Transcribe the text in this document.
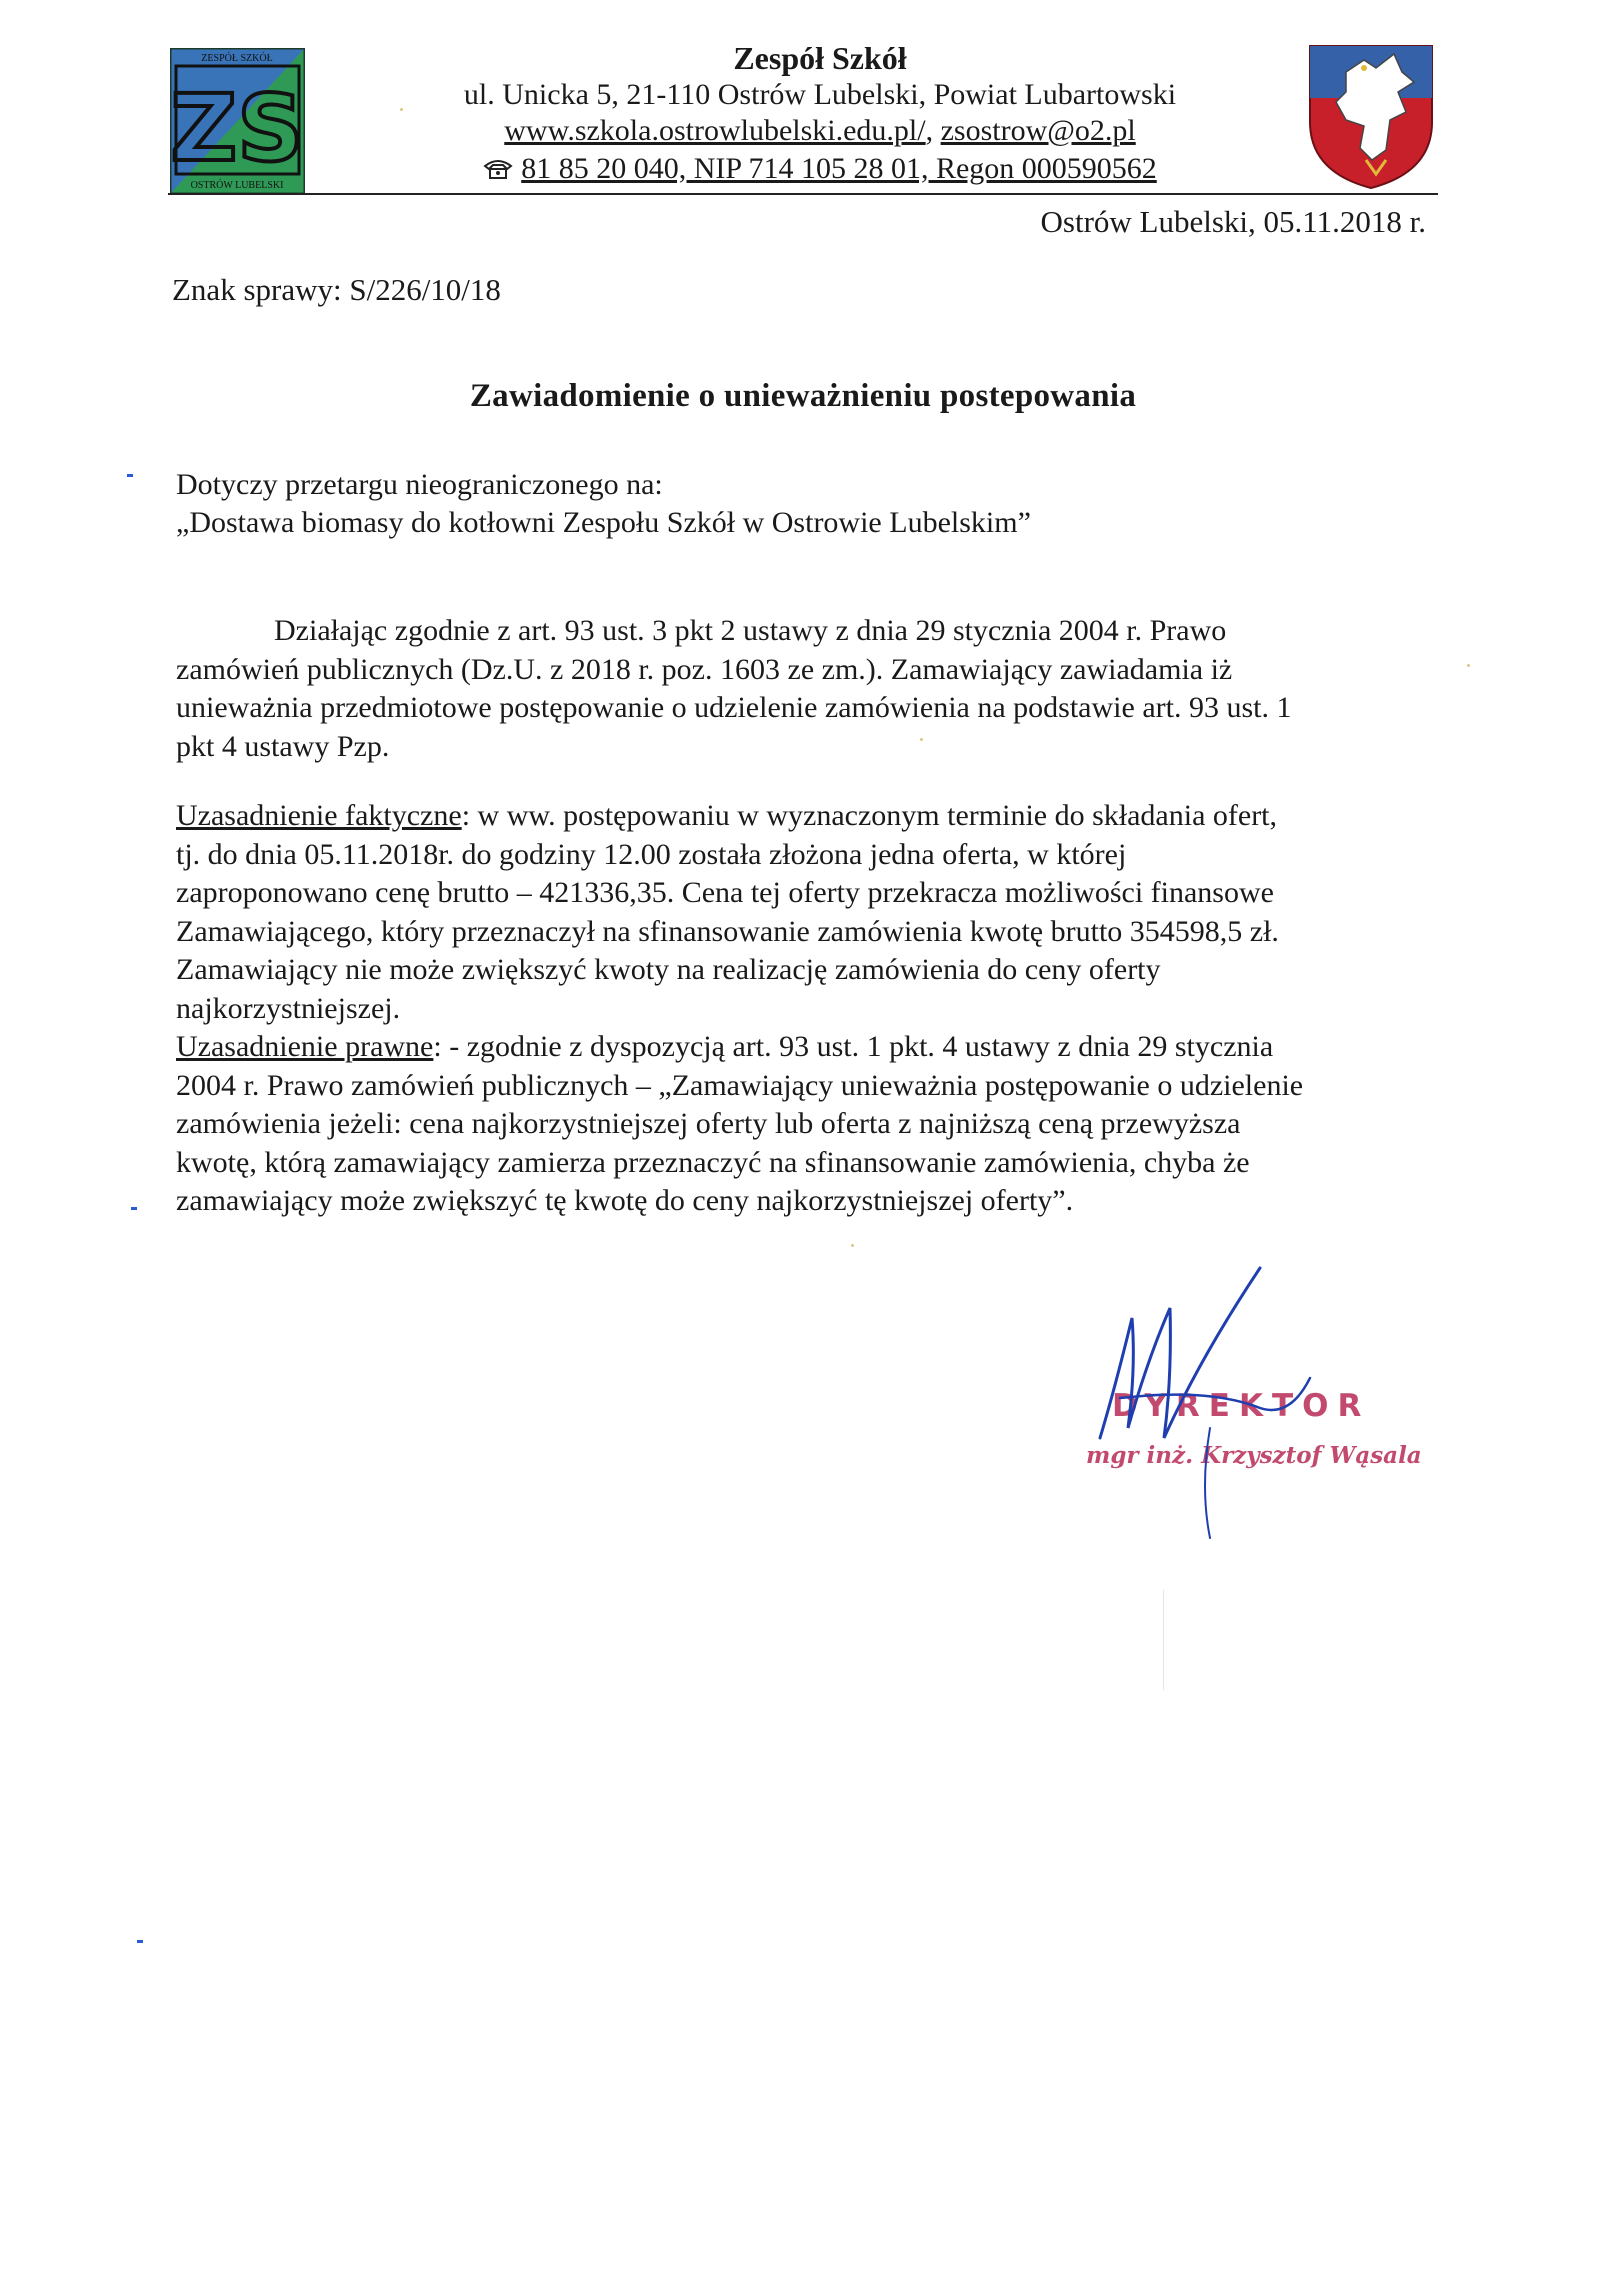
ZESPÓŁ SZKÓŁ
ZS
OSTRÓW LUBELSKI
Zespół Szkół
ul. Unicka 5, 21-110 Ostrów Lubelski, Powiat Lubartowski
www.szkola.ostrowlubelski.edu.pl/, zsostrow@o2.pl
81 85 20 040, NIP 714 105 28 01, Regon 000590562
Ostrów Lubelski, 05.11.2018 r.
Znak sprawy: S/226/10/18
Zawiadomienie o unieważnieniu postepowania
Dotyczy przetargu nieograniczonego na:
„Dostawa biomasy do kotłowni Zespołu Szkół w Ostrowie Lubelskim”
Działając zgodnie z art. 93 ust. 3 pkt 2 ustawy z dnia 29 stycznia 2004 r. Prawo
zamówień publicznych (Dz.U. z 2018 r. poz. 1603 ze zm.). Zamawiający zawiadamia iż
unieważnia przedmiotowe postępowanie o udzielenie zamówienia na podstawie art. 93 ust. 1
pkt 4 ustawy Pzp.
Uzasadnienie faktyczne: w ww. postępowaniu w wyznaczonym terminie do składania ofert,
tj. do dnia 05.11.2018r. do godziny 12.00 została złożona jedna oferta, w której
zaproponowano cenę brutto – 421336,35. Cena tej oferty przekracza możliwości finansowe
Zamawiającego, który przeznaczył na sfinansowanie zamówienia kwotę brutto 354598,5 zł.
Zamawiający nie może zwiększyć kwoty na realizację zamówienia do ceny oferty
najkorzystniejszej.
Uzasadnienie prawne: - zgodnie z dyspozycją art. 93 ust. 1 pkt. 4 ustawy z dnia 29 stycznia
2004 r. Prawo zamówień publicznych – „Zamawiający unieważnia postępowanie o udzielenie
zamówienia jeżeli: cena najkorzystniejszej oferty lub oferta z najniższą ceną przewyższa
kwotę, którą zamawiający zamierza przeznaczyć na sfinansowanie zamówienia, chyba że
zamawiający może zwiększyć tę kwotę do ceny najkorzystniejszej oferty”.
DYREKTOR
mgr inż. Krzysztof Wąsala
